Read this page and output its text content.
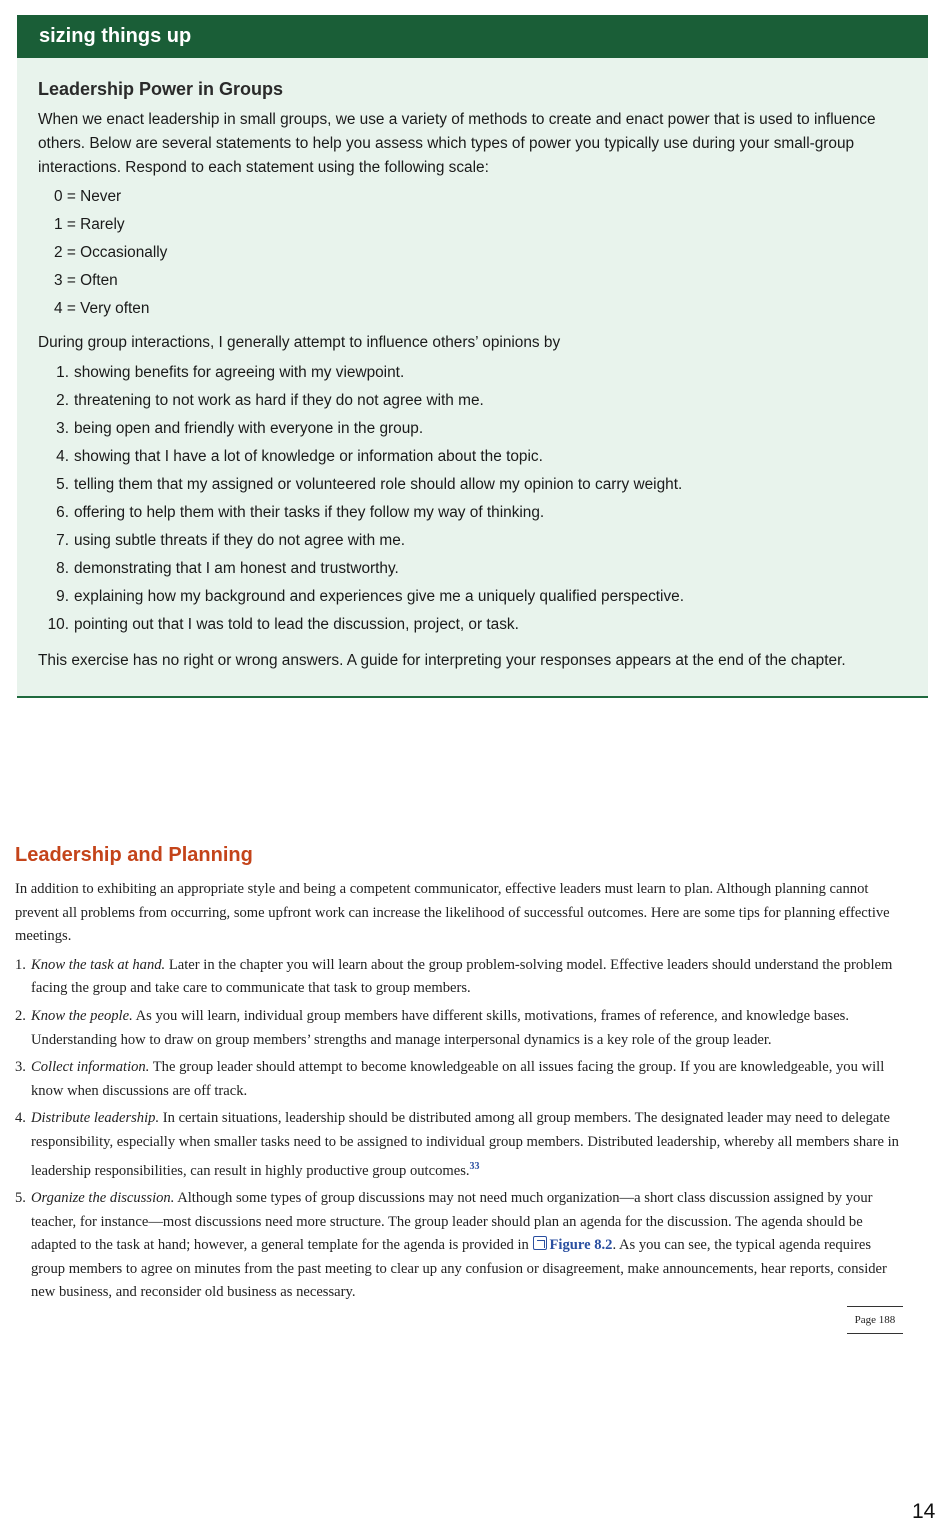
sizing things up
Leadership Power in Groups
When we enact leadership in small groups, we use a variety of methods to create and enact power that is used to influence others. Below are several statements to help you assess which types of power you typically use during your small-group interactions. Respond to each statement using the following scale:
0 = Never
1 = Rarely
2 = Occasionally
3 = Often
4 = Very often
During group interactions, I generally attempt to influence others’ opinions by
1. showing benefits for agreeing with my viewpoint.
2. threatening to not work as hard if they do not agree with me.
3. being open and friendly with everyone in the group.
4. showing that I have a lot of knowledge or information about the topic.
5. telling them that my assigned or volunteered role should allow my opinion to carry weight.
6. offering to help them with their tasks if they follow my way of thinking.
7. using subtle threats if they do not agree with me.
8. demonstrating that I am honest and trustworthy.
9. explaining how my background and experiences give me a uniquely qualified perspective.
10. pointing out that I was told to lead the discussion, project, or task.
This exercise has no right or wrong answers. A guide for interpreting your responses appears at the end of the chapter.
Leadership and Planning

In addition to exhibiting an appropriate style and being a competent communicator, effective leaders must learn to plan. Although planning cannot prevent all problems from occurring, some upfront work can increase the likelihood of successful outcomes. Here are some tips for planning effective meetings.

1. Know the task at hand. Later in the chapter you will learn about the group problem-solving model. Effective leaders should understand the problem facing the group and take care to communicate that task to group members.
2. Know the people. As you will learn, individual group members have different skills, motivations, frames of reference, and knowledge bases. Understanding how to draw on group members’ strengths and manage interpersonal dynamics is a key role of the group leader.
3. Collect information. The group leader should attempt to become knowledgeable on all issues facing the group. If you are knowledgeable, you will know when discussions are off track.
4. Distribute leadership. In certain situations, leadership should be distributed among all group members. The designated leader may need to delegate responsibility, especially when smaller tasks need to be assigned to individual group members. Distributed leadership, whereby all members share in leadership responsibilities, can result in highly productive group outcomes.$^{33}$
5. Organize the discussion. Although some types of group discussions may not need much organization—a short class discussion assigned by your teacher, for instance—most discussions need more structure. The group leader should plan an agenda for the discussion. The agenda should be adapted to the task at hand; however, a general template for the agenda is provided in Figure 8.2. As you can see, the typical agenda requires group members to agree on minutes from the past meeting to clear up any confusion or disagreement, make announcements, hear reports, consider new business, and reconsider old business as necessary.
Page 188
14
